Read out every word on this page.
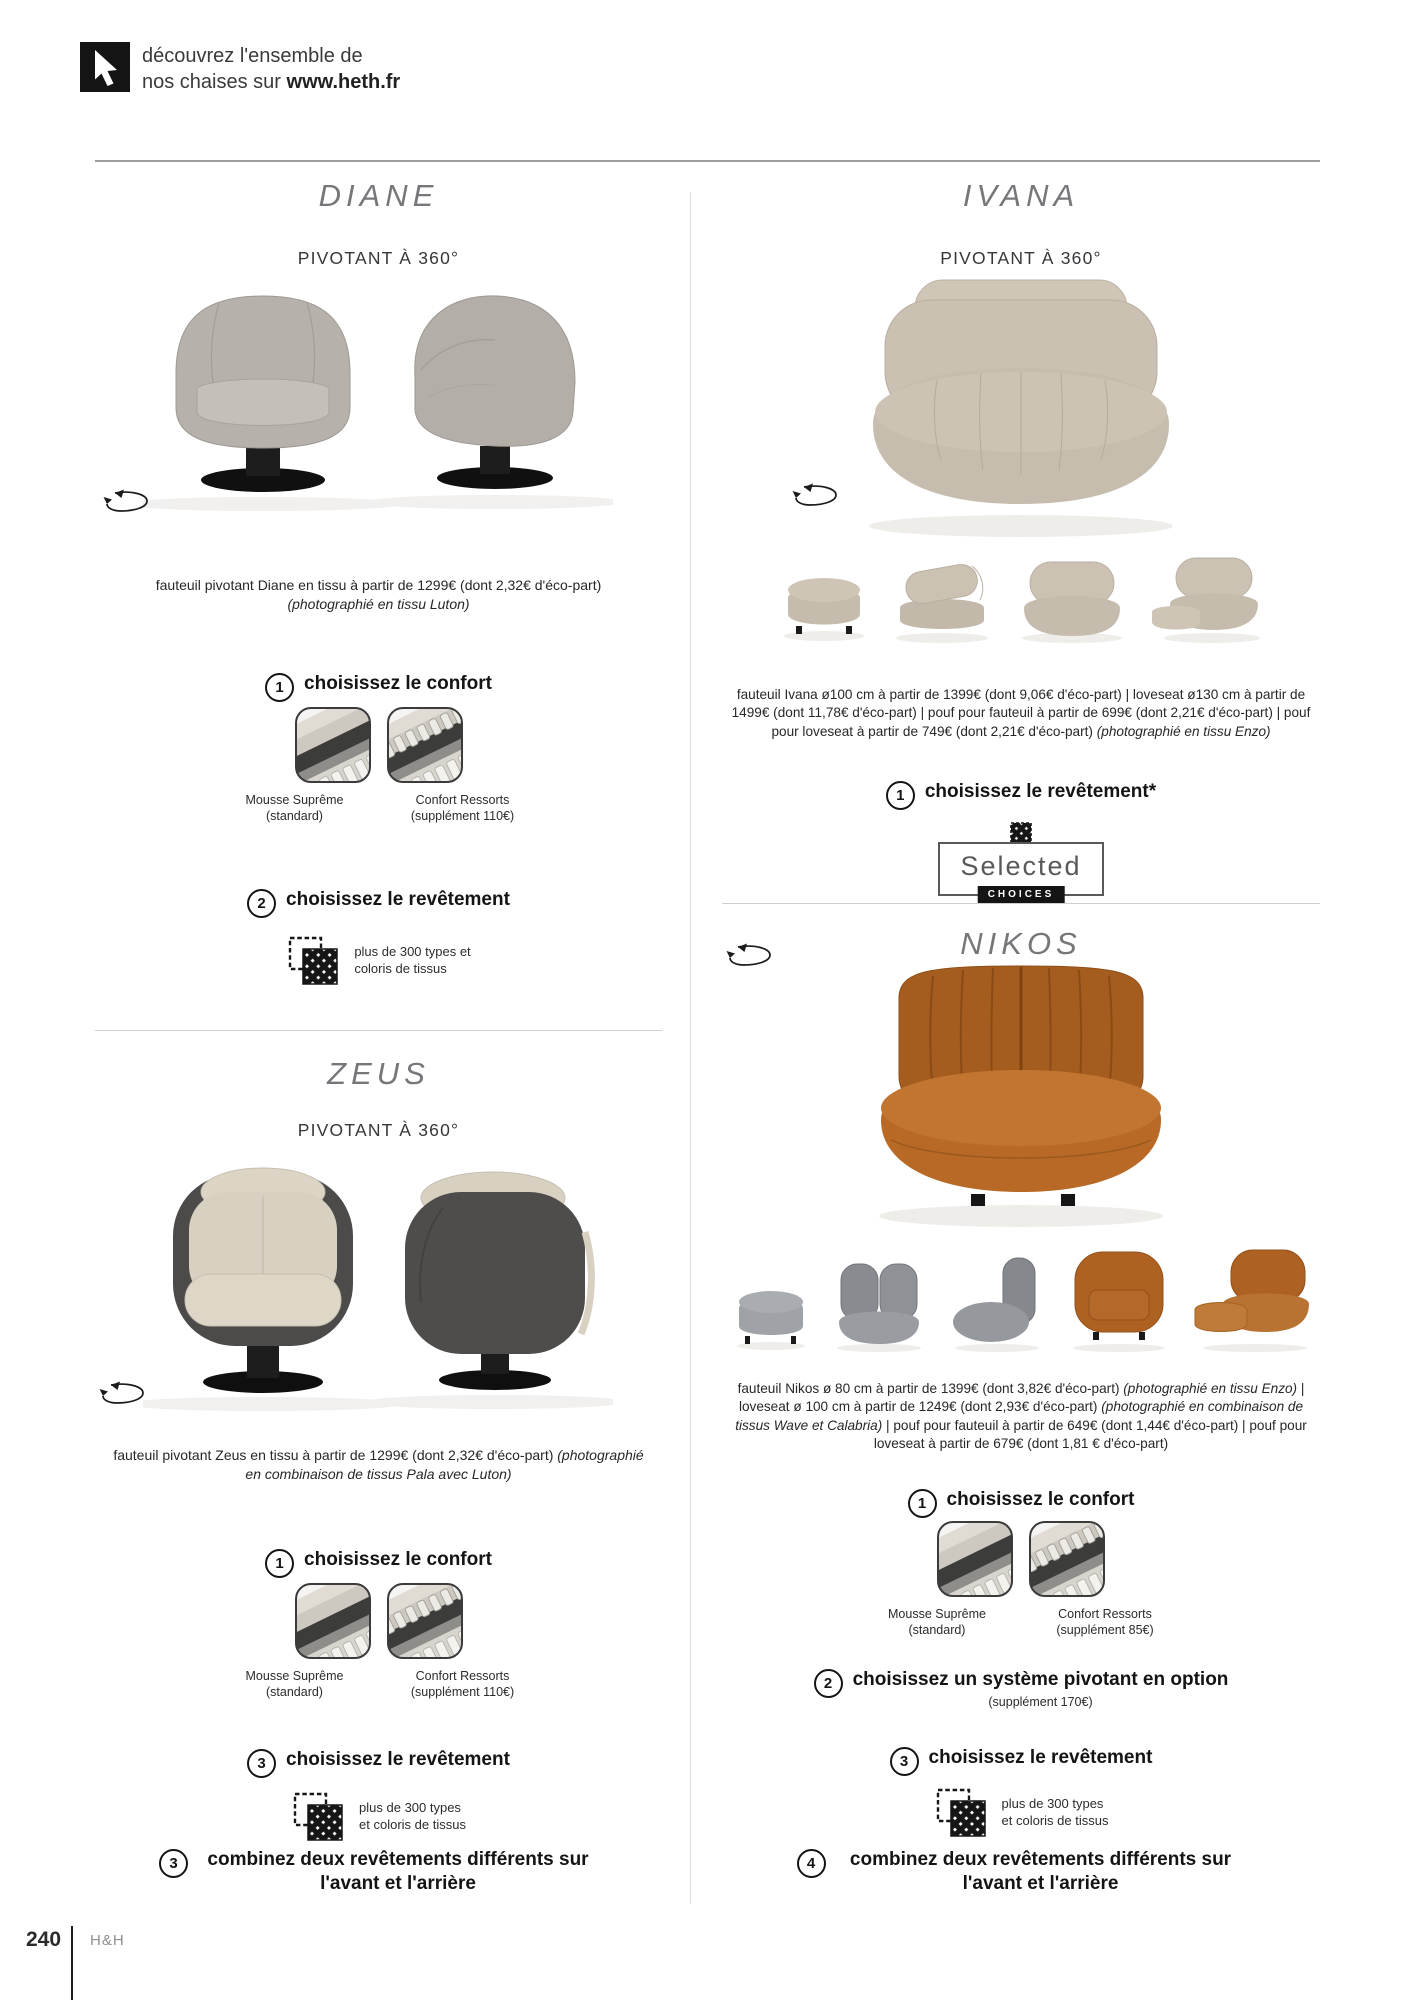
découvrez l'ensemble de
nos chaises sur www.heth.fr
DIANE
PIVOTANT À 360°
fauteuil pivotant Diane en tissu à partir de 1299€ (dont 2,32€ d'éco-part) (photographié en tissu Luton)
1	choisissez le confort
Mousse Suprême
(standard)
Confort Ressorts
(supplément 110€)
2	choisissez le revêtement
plus de 300 types et
coloris de tissus
ZEUS
PIVOTANT À 360°
fauteuil pivotant Zeus en tissu à partir de 1299€ (dont 2,32€ d'éco-part) (photographié en combinaison de tissus Pala avec Luton)
1	choisissez le confort
Mousse Suprême
(standard)
Confort Ressorts
(supplément 110€)
3	choisissez le revêtement
plus de 300 types
et coloris de tissus
3	combinez deux revêtements différents sur l'avant et l'arrière
IVANA
PIVOTANT À 360°
fauteuil Ivana ø100 cm à partir de 1399€ (dont 9,06€ d'éco-part) | loveseat ø130 cm à partir de 1499€ (dont 11,78€ d'éco-part) | pouf pour fauteuil à partir de 699€ (dont 2,21€ d'éco-part) | pouf pour loveseat à partir de 749€ (dont 2,21€ d'éco-part) (photographié en tissu Enzo)
1	choisissez le revêtement*
Selected
CHOICES
NIKOS
fauteuil Nikos ø 80 cm à partir de 1399€ (dont 3,82€ d'éco-part) (photographié en tissu Enzo) | loveseat ø 100 cm à partir de 1249€ (dont 2,93€ d'éco-part) (photographié en combinaison de tissus Wave et Calabria) | pouf pour fauteuil à partir de 649€ (dont 1,44€ d'éco-part) | pouf pour loveseat à partir de 679€ (dont 1,81 € d'éco-part)
1	choisissez le confort
Mousse Suprême
(standard)
Confort Ressorts
(supplément 85€)
2	choisissez un système pivotant en option
(supplément 170€)
3	choisissez le revêtement
plus de 300 types
et coloris de tissus
4	combinez deux revêtements différents sur l'avant et l'arrière
240 H&H
